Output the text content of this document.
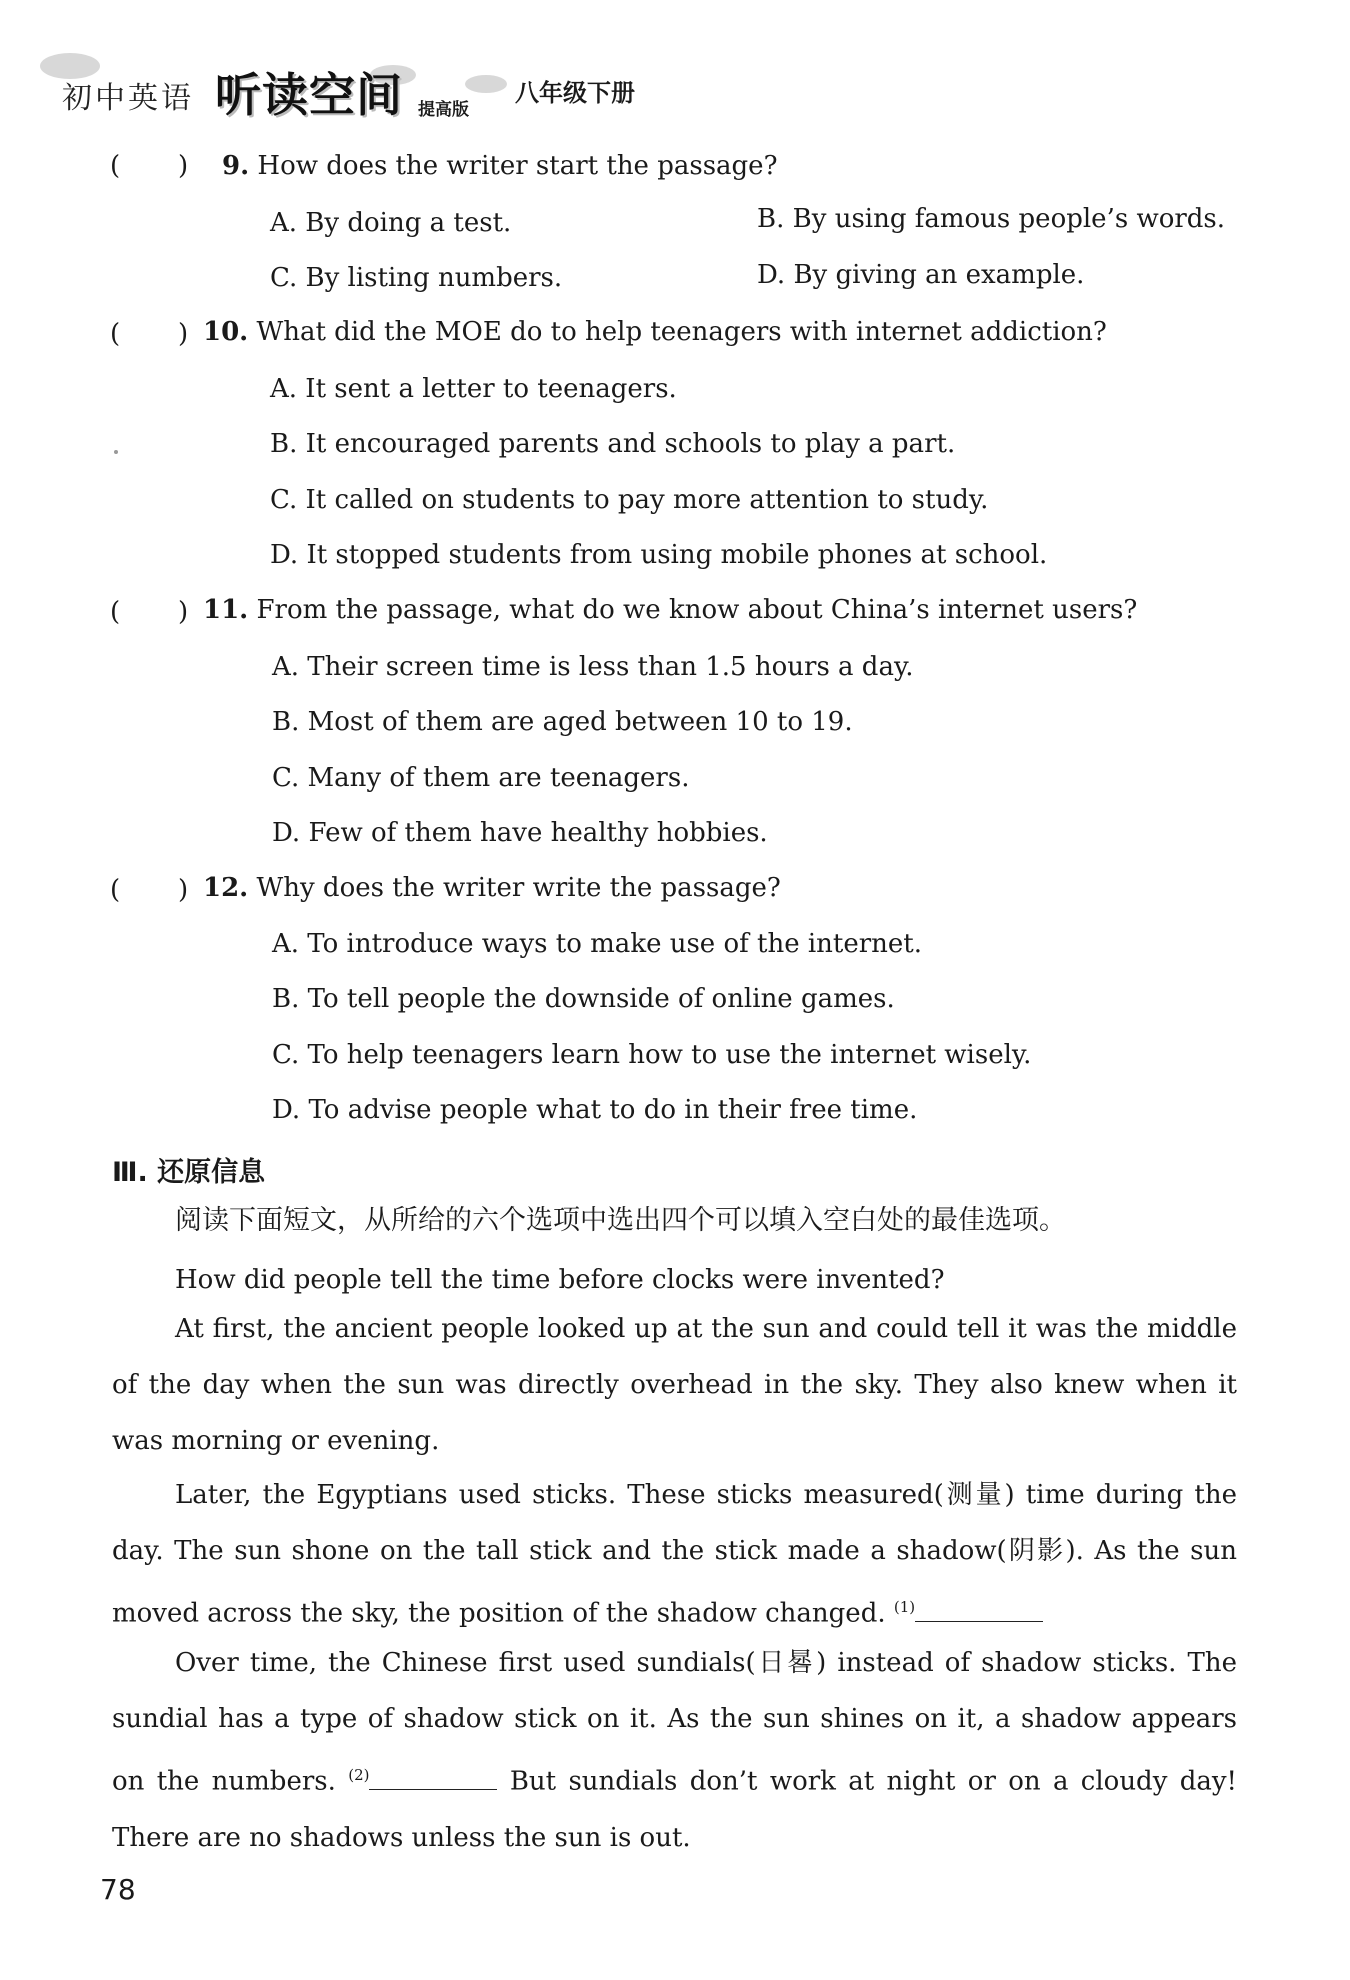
初中英语 听读空间 提高版
八年级下册
(       ) 9. How does the writer start the passage?
A. By doing a test.	B. By using famous people’s words.
C. By listing numbers.	D. By giving an example.
(       ) 10. What did the MOE do to help teenagers with internet addiction?
A. It sent a letter to teenagers.
B. It encouraged parents and schools to play a part.
C. It called on students to pay more attention to study.
D. It stopped students from using mobile phones at school.
(       ) 11. From the passage, what do we know about China’s internet users?
A. Their screen time is less than 1.5 hours a day.
B. Most of them are aged between 10 to 19.
C. Many of them are teenagers.
D. Few of them have healthy hobbies.
(       ) 12. Why does the writer write the passage?
A. To introduce ways to make use of the internet.
B. To tell people the downside of online games.
C. To help teenagers learn how to use the internet wisely.
D. To advise people what to do in their free time.
Ⅲ. 还原信息
阅读下面短文，从所给的六个选项中选出四个可以填入空白处的最佳选项。
How did people tell the time before clocks were invented?
At first, the ancient people looked up at the sun and could tell it was the middle of the day when the sun was directly overhead in the sky. They also knew when it was morning or evening.
Later, the Egyptians used sticks. These sticks measured(测量) time during the day. The sun shone on the tall stick and the stick made a shadow(阴影). As the sun moved across the sky, the position of the shadow changed. $^{(1)}$
Over time, the Chinese first used sundials(日晷) instead of shadow sticks. The sundial has a type of shadow stick on it. As the sun shines on it, a shadow appears on the numbers. $^{(2)}$	But sundials don’t work at night or on a cloudy day! There are no shadows unless the sun is out.
78
